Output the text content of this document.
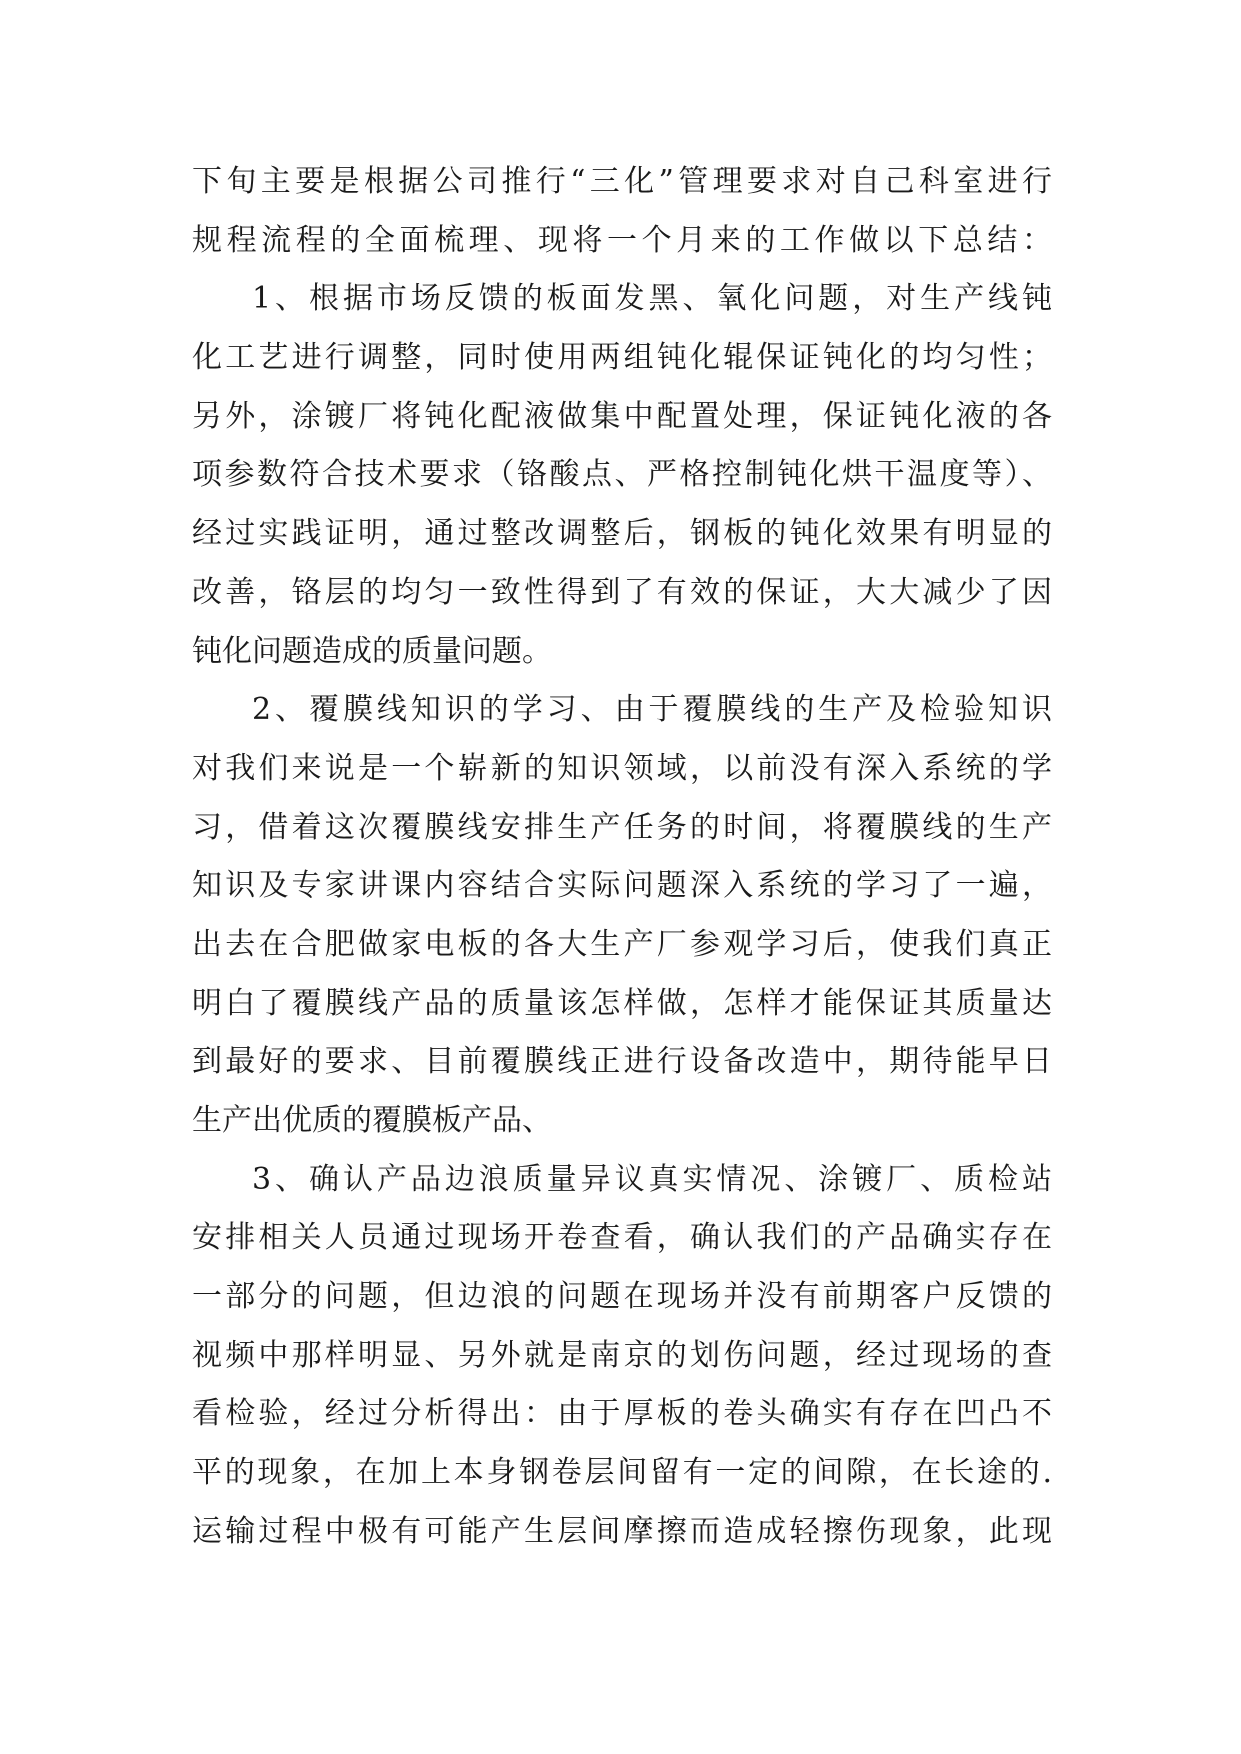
下旬主要是根据公司推行“三化”管理要求对自己科室进行
规程流程的全面梳理、现将一个月来的工作做以下总结：
1、根据市场反馈的板面发黑、氧化问题，对生产线钝
化工艺进行调整，同时使用两组钝化辊保证钝化的均匀性；
另外，涂镀厂将钝化配液做集中配置处理，保证钝化液的各
项参数符合技术要求（铬酸点、严格控制钝化烘干温度等）、
经过实践证明，通过整改调整后，钢板的钝化效果有明显的
改善，铬层的均匀一致性得到了有效的保证，大大减少了因
钝化问题造成的质量问题。
2、覆膜线知识的学习、由于覆膜线的生产及检验知识
对我们来说是一个崭新的知识领域，以前没有深入系统的学
习，借着这次覆膜线安排生产任务的时间，将覆膜线的生产
知识及专家讲课内容结合实际问题深入系统的学习了一遍，
出去在合肥做家电板的各大生产厂参观学习后，使我们真正
明白了覆膜线产品的质量该怎样做，怎样才能保证其质量达
到最好的要求、目前覆膜线正进行设备改造中，期待能早日
生产出优质的覆膜板产品、
3、确认产品边浪质量异议真实情况、涂镀厂、质检站
安排相关人员通过现场开卷查看，确认我们的产品确实存在
一部分的问题，但边浪的问题在现场并没有前期客户反馈的
视频中那样明显、另外就是南京的划伤问题，经过现场的查
看检验，经过分析得出：由于厚板的卷头确实有存在凹凸不
平的现象，在加上本身钢卷层间留有一定的间隙，在长途的.
运输过程中极有可能产生层间摩擦而造成轻擦伤现象，此现
